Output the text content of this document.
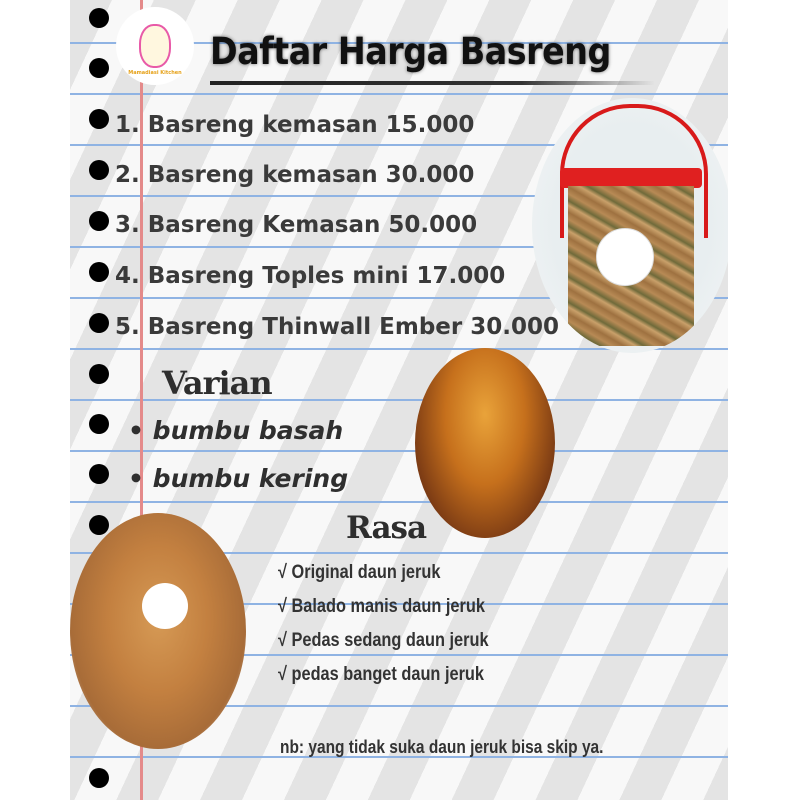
Mamadiasi Kitchen Daftar Harga Basreng
1. Basreng kemasan 15.000
2. Basreng kemasan 30.000
3. Basreng Kemasan 50.000
4. Basreng Toples mini 17.000
5. Basreng Thinwall Ember 30.000
Varian
• bumbu basah
• bumbu kering
Rasa
√ Original daun jeruk
√ Balado manis daun jeruk
√ Pedas sedang daun jeruk
√ pedas banget daun jeruk
nb: yang tidak suka daun jeruk bisa skip ya.
